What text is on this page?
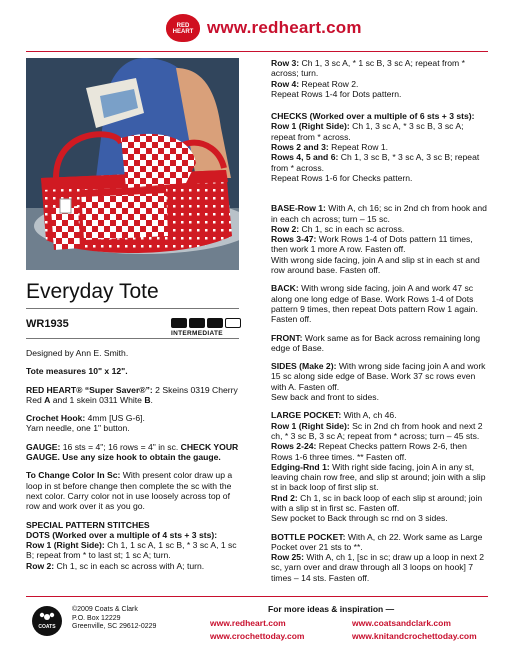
RED
HEART www.redheart.com
Everyday Tote
WR1935
INTERMEDIATE

Designed by Ann E. Smith.

Tote measures 10" x 12".

RED HEART® “Super Saver®”: 2 Skeins 0319 Cherry Red A and 1 skein 0311 White B.

Crochet Hook: 4mm [US G-6].
Yarn needle, one 1" button.

GAUGE: 16 sts = 4"; 16 rows = 4" in sc. CHECK YOUR GAUGE. Use any size hook to obtain the gauge.

To Change Color In Sc: With present color draw up a loop in st before change then complete the sc with the next color. Carry color not in use loosely across top of row and work over it as you go.

SPECIAL PATTERN STITCHES

DOTS (Worked over a multiple of 4 sts + 3 sts):

Row 1 (Right Side): Ch 1, 1 sc A, 1 sc B, * 3 sc A, 1 sc B; repeat from * to last st; 1 sc A; turn.

Row 2: Ch 1, sc in each sc across with A; turn.

Row 3: Ch 1, 3 sc A, * 1 sc B, 3 sc A; repeat from * across; turn.

Row 4: Repeat Row 2.

Repeat Rows 1-4 for Dots pattern.

CHECKS (Worked over a multiple of 6 sts + 3 sts):

Row 1 (Right Side): Ch 1, 3 sc A, * 3 sc B, 3 sc A; repeat from * across.

Rows 2 and 3: Repeat Row 1.

Rows 4, 5 and 6: Ch 1, 3 sc B, * 3 sc A, 3 sc B; repeat from * across.

Repeat Rows 1-6 for Checks pattern.

BASE-Row 1: With A, ch 16; sc in 2nd ch from hook and in each ch across; turn – 15 sc.

Row 2: Ch 1, sc in each sc across.

Rows 3-47: Work Rows 1-4 of Dots pattern 11 times, then work 1 more A row. Fasten off.

With wrong side facing, join A and slip st in each st and row around base. Fasten off.

BACK: With wrong side facing, join A and work 47 sc along one long edge of Base. Work Rows 1-4 of Dots pattern 9 times, then repeat Dots pattern Row 1 again. Fasten off.

FRONT: Work same as for Back across remaining long edge of Base.

SIDES (Make 2): With wrong side facing join A and work 15 sc along side edge of Base. Work 37 sc rows even with A. Fasten off.

Sew back and front to sides.

LARGE POCKET: With A, ch 46.

Row 1 (Right Side): Sc in 2nd ch from hook and next 2 ch, * 3 sc B, 3 sc A; repeat from * across; turn – 45 sts.

Rows 2-24: Repeat Checks pattern Rows 2-6, then Rows 1-6 three times. ** Fasten off.

Edging-Rnd 1: With right side facing, join A in any st, leaving chain row free, and slip st around; join with a slip st in back loop of first slip st.

Rnd 2: Ch 1, sc in back loop of each slip st around; join with a slip st in first sc. Fasten off.

Sew pocket to Back through sc rnd on 3 sides.

BOTTLE POCKET: With A, ch 22. Work same as Large Pocket over 21 sts to **.

Row 25: With A, ch 1, [sc in sc; draw up a loop in next 2 sc, yarn over and draw through all 3 loops on hook] 7 times – 14 sts. Fasten off.

COATS
©2009 Coats & Clark
P.O. Box 12229
Greenville, SC 29612-0229
For more ideas & inspiration —
www.redheart.com	www.coatsandclark.com
www.crochettoday.com	www.knitandcrochettoday.com
